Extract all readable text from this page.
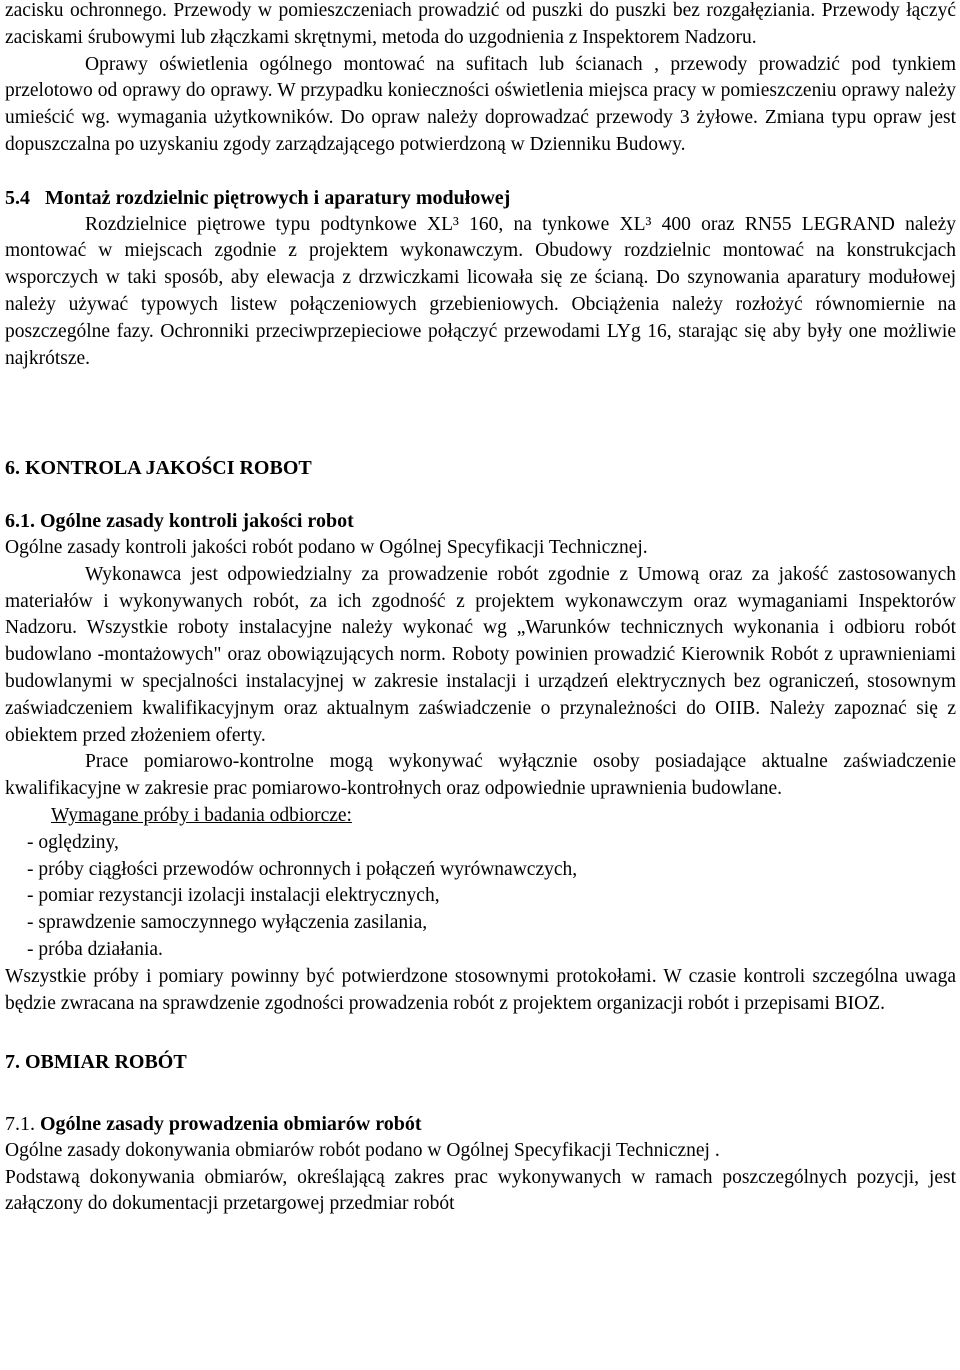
zacisku ochronnego. Przewody w pomieszczeniach prowadzić od puszki do puszki bez rozgałęziania. Przewody łączyć zaciskami śrubowymi lub złączkami skrętnymi, metoda do uzgodnienia z Inspektorem Nadzoru.

Oprawy oświetlenia ogólnego montować na sufitach lub ścianach , przewody prowadzić pod tynkiem przelotowo od oprawy do oprawy. W przypadku konieczności oświetlenia miejsca pracy w pomieszczeniu oprawy należy umieścić wg. wymagania użytkowników. Do opraw należy doprowadzać przewody 3 żyłowe. Zmiana typu opraw jest dopuszczalna po uzyskaniu zgody zarządzającego potwierdzoną w Dzienniku Budowy.

5.4 Montaż rozdzielnic piętrowych i aparatury modułowej

Rozdzielnice piętrowe typu podtynkowe XL³ 160, na tynkowe XL³ 400 oraz RN55 LEGRAND należy montować w miejscach zgodnie z projektem wykonawczym. Obudowy rozdzielnic montować na konstrukcjach wsporczych w taki sposób, aby elewacja z drzwiczkami licowała się ze ścianą. Do szynowania aparatury modułowej należy używać typowych listew połączeniowych grzebieniowych. Obciążenia należy rozłożyć równomiernie na poszczególne fazy. Ochronniki przeciwprzepieciowe połączyć przewodami LYg 16, starając się aby były one możliwie najkrótsze.

6. KONTROLA JAKOŚCI ROBOT
6.1. Ogólne zasady kontroli jakości robot

Ogólne zasady kontroli jakości robót podano w Ogólnej Specyfikacji Technicznej.

Wykonawca jest odpowiedzialny za prowadzenie robót zgodnie z Umową oraz za jakość zastosowanych materiałów i wykonywanych robót, za ich zgodność z projektem wykonawczym oraz wymaganiami Inspektorów Nadzoru. Wszystkie roboty instalacyjne należy wykonać wg „Warunków technicznych wykonania i odbioru robót budowlano -montażowych" oraz obowiązujących norm. Roboty powinien prowadzić Kierownik Robót z uprawnieniami budowlanymi w specjalności instalacyjnej w zakresie instalacji i urządzeń elektrycznych bez ograniczeń, stosownym zaświadczeniem kwalifikacyjnym oraz aktualnym zaświadczenie o przynależności do OIIB. Należy zapoznać się z obiektem przed złożeniem oferty.

Prace pomiarowo-kontrolne mogą wykonywać wyłącznie osoby posiadające aktualne zaświadczenie kwalifikacyjne w zakresie prac pomiarowo-kontrołnych oraz odpowiednie uprawnienia budowlane.

Wymagane próby i badania odbiorcze:
- oględziny,
- próby ciągłości przewodów ochronnych i połączeń wyrównawczych,
- pomiar rezystancji izolacji instalacji elektrycznych,
- sprawdzenie samoczynnego wyłączenia zasilania,
- próba działania.

Wszystkie próby i pomiary powinny być potwierdzone stosownymi protokołami. W czasie kontroli szczególna uwaga będzie zwracana na sprawdzenie zgodności prowadzenia robót z projektem organizacji robót i przepisami BIOZ.

7. OBMIAR ROBÓT
7.1. Ogólne zasady prowadzenia obmiarów robót

Ogólne zasady dokonywania obmiarów robót podano w Ogólnej Specyfikacji Technicznej .

Podstawą dokonywania obmiarów, określającą zakres prac wykonywanych w ramach poszczególnych pozycji, jest załączony do dokumentacji przetargowej przedmiar robót
